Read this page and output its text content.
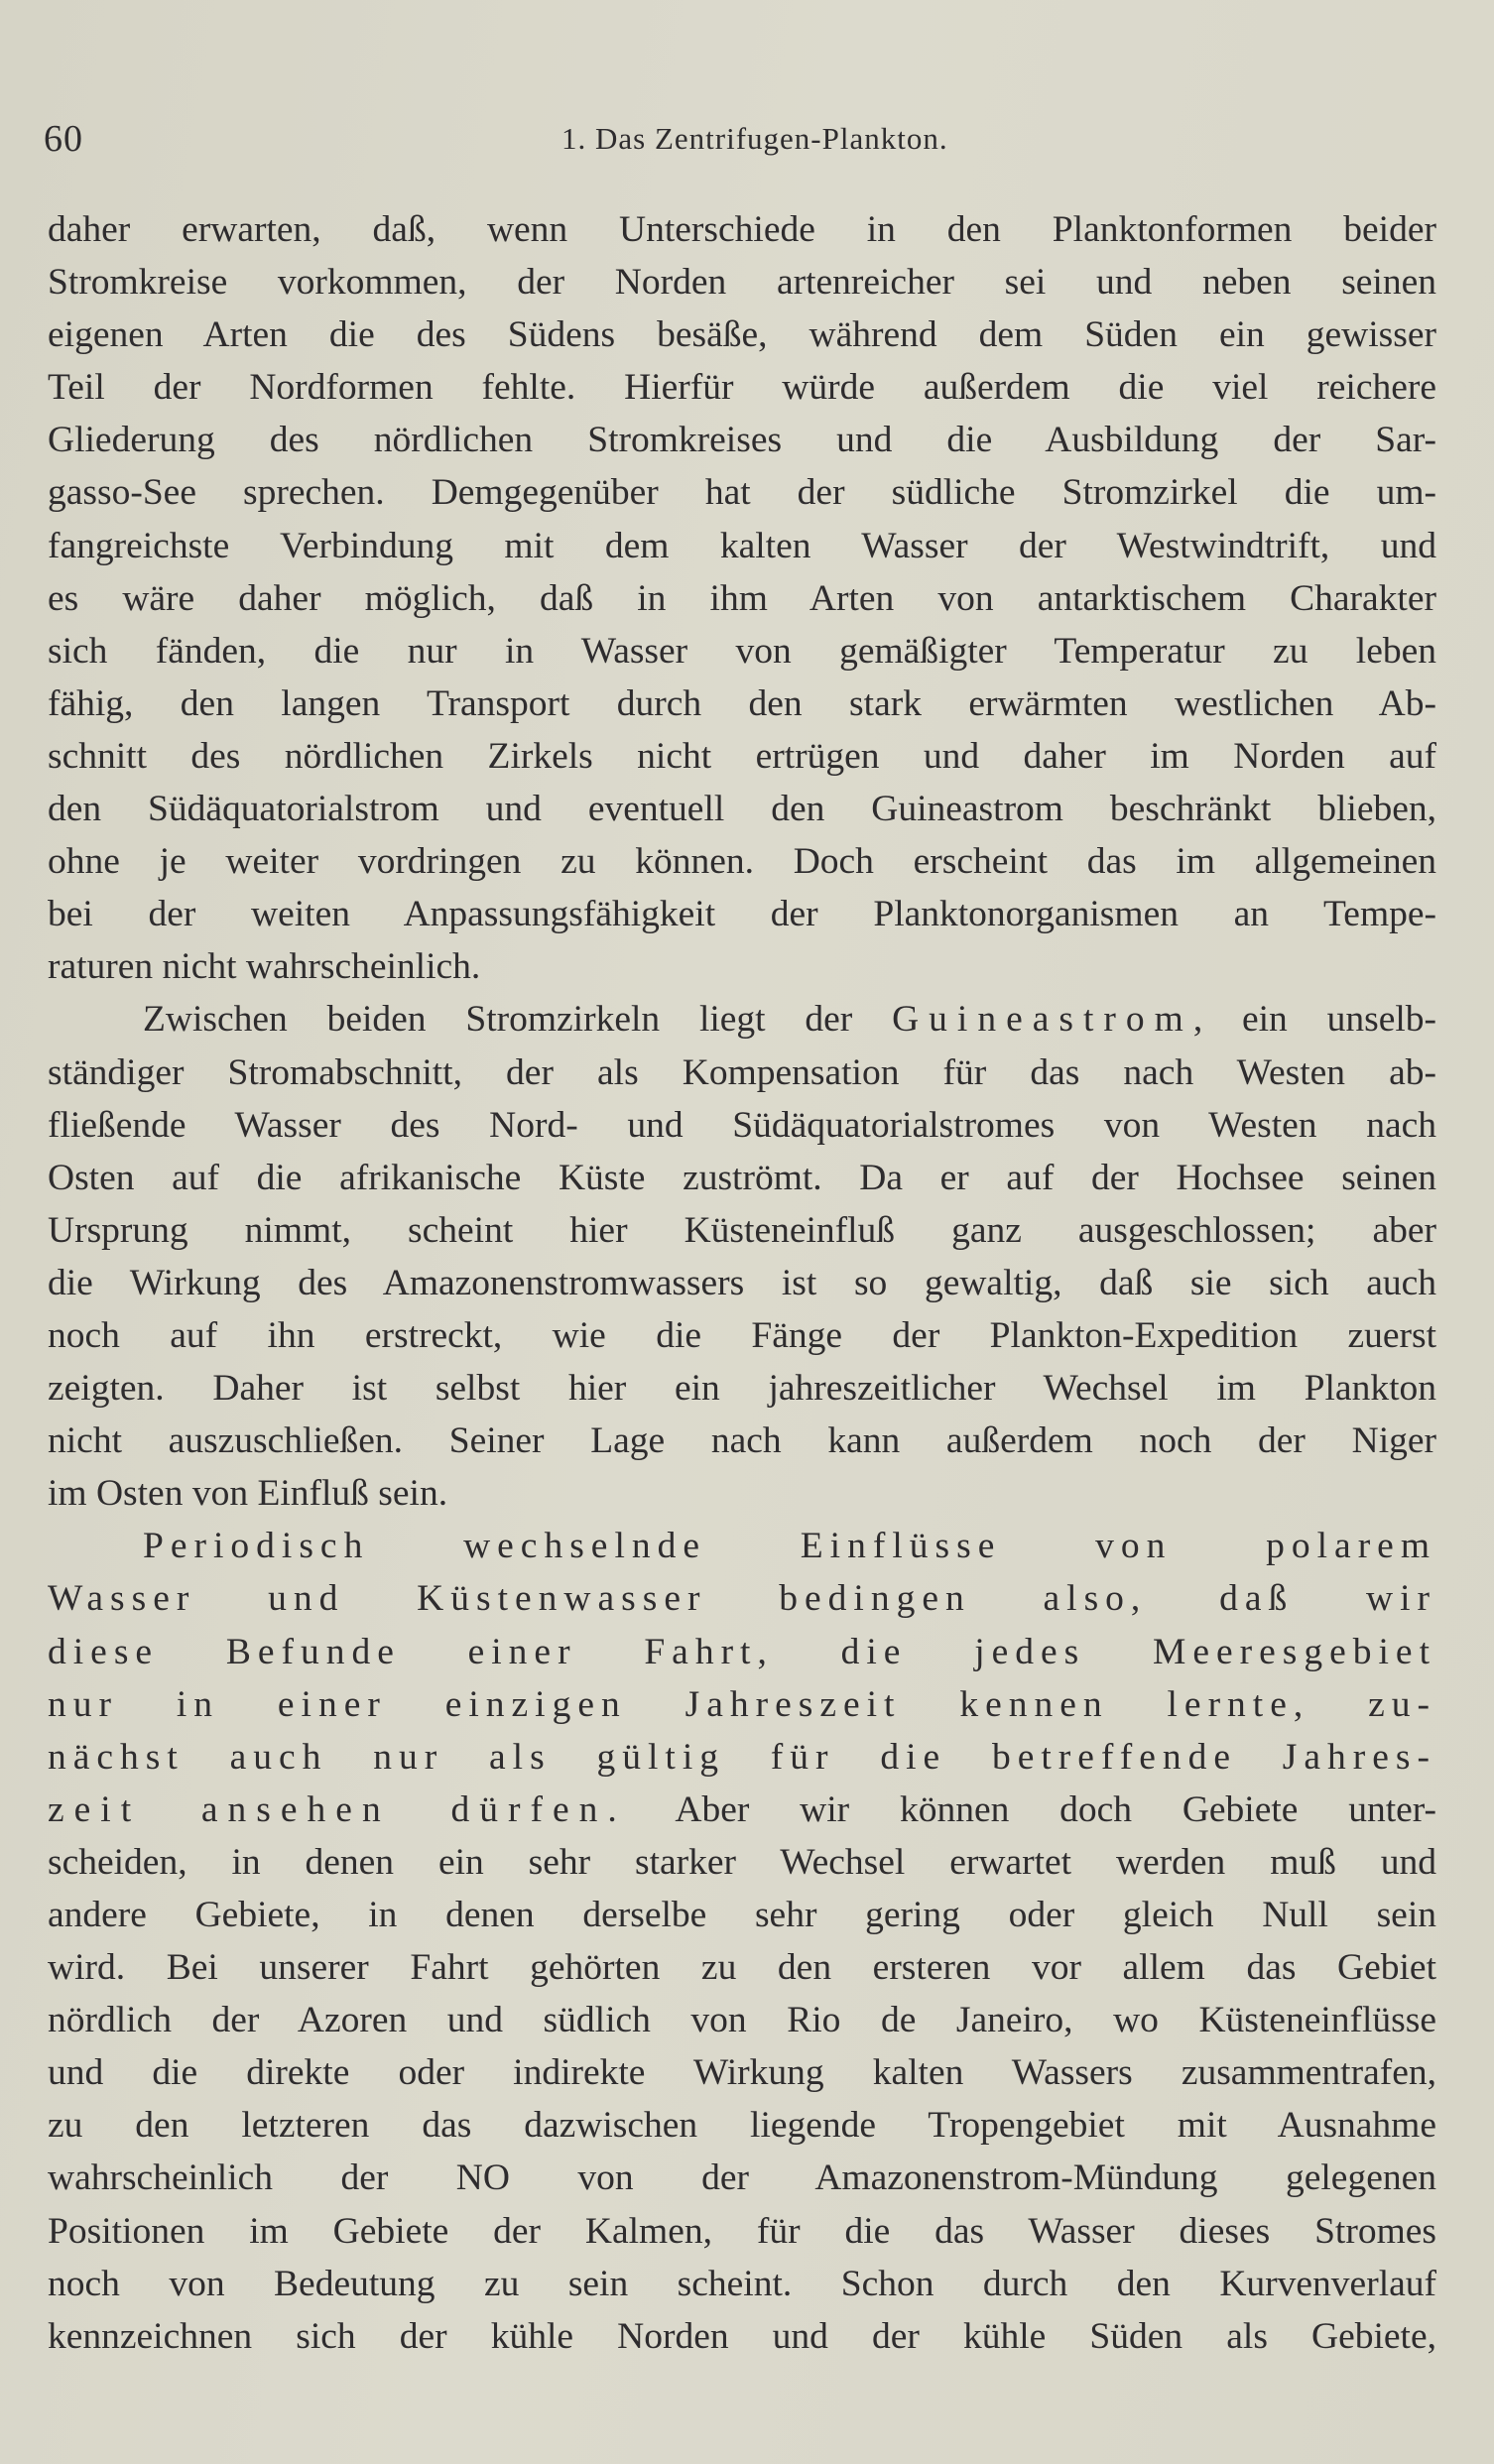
60	1. Das Zentrifugen-Plankton.
daher erwarten, daß, wenn Unterschiede in den Planktonformen beider
Stromkreise vorkommen, der Norden artenreicher sei und neben seinen
eigenen Arten die des Südens besäße, während dem Süden ein gewisser
Teil der Nordformen fehlte. Hierfür würde außerdem die viel reichere
Gliederung des nördlichen Stromkreises und die Ausbildung der Sar-
gasso-See sprechen. Demgegenüber hat der südliche Stromzirkel die um-
fangreichste Verbindung mit dem kalten Wasser der Westwindtrift, und
es wäre daher möglich, daß in ihm Arten von antarktischem Charakter
sich fänden, die nur in Wasser von gemäßigter Temperatur zu leben
fähig, den langen Transport durch den stark erwärmten westlichen Ab-
schnitt des nördlichen Zirkels nicht ertrügen und daher im Norden auf
den Südäquatorialstrom und eventuell den Guineastrom beschränkt blieben,
ohne je weiter vordringen zu können. Doch erscheint das im allgemeinen
bei der weiten Anpassungsfähigkeit der Planktonorganismen an Tempe-
raturen nicht wahrscheinlich.
Zwischen beiden Stromzirkeln liegt der Guineastrom, ein unselb-
ständiger Stromabschnitt, der als Kompensation für das nach Westen ab-
fließende Wasser des Nord- und Südäquatorialstromes von Westen nach
Osten auf die afrikanische Küste zuströmt. Da er auf der Hochsee seinen
Ursprung nimmt, scheint hier Küsteneinfluß ganz ausgeschlossen; aber
die Wirkung des Amazonenstromwassers ist so gewaltig, daß sie sich auch
noch auf ihn erstreckt, wie die Fänge der Plankton-Expedition zuerst
zeigten. Daher ist selbst hier ein jahreszeitlicher Wechsel im Plankton
nicht auszuschließen. Seiner Lage nach kann außerdem noch der Niger
im Osten von Einfluß sein.
Periodisch wechselnde Einflüsse von polarem
Wasser und Küstenwasser bedingen also, daß wir
diese Befunde einer Fahrt, die jedes Meeresgebiet
nur in einer einzigen Jahreszeit kennen lernte, zu-
nächst auch nur als gültig für die betreffende Jahres-
zeit ansehen dürfen. Aber wir können doch Gebiete unter-
scheiden, in denen ein sehr starker Wechsel erwartet werden muß und
andere Gebiete, in denen derselbe sehr gering oder gleich Null sein
wird. Bei unserer Fahrt gehörten zu den ersteren vor allem das Gebiet
nördlich der Azoren und südlich von Rio de Janeiro, wo Küsteneinflüsse
und die direkte oder indirekte Wirkung kalten Wassers zusammentrafen,
zu den letzteren das dazwischen liegende Tropengebiet mit Ausnahme
wahrscheinlich der NO von der Amazonenstrom-Mündung gelegenen
Positionen im Gebiete der Kalmen, für die das Wasser dieses Stromes
noch von Bedeutung zu sein scheint. Schon durch den Kurvenverlauf
kennzeichnen sich der kühle Norden und der kühle Süden als Gebiete,
